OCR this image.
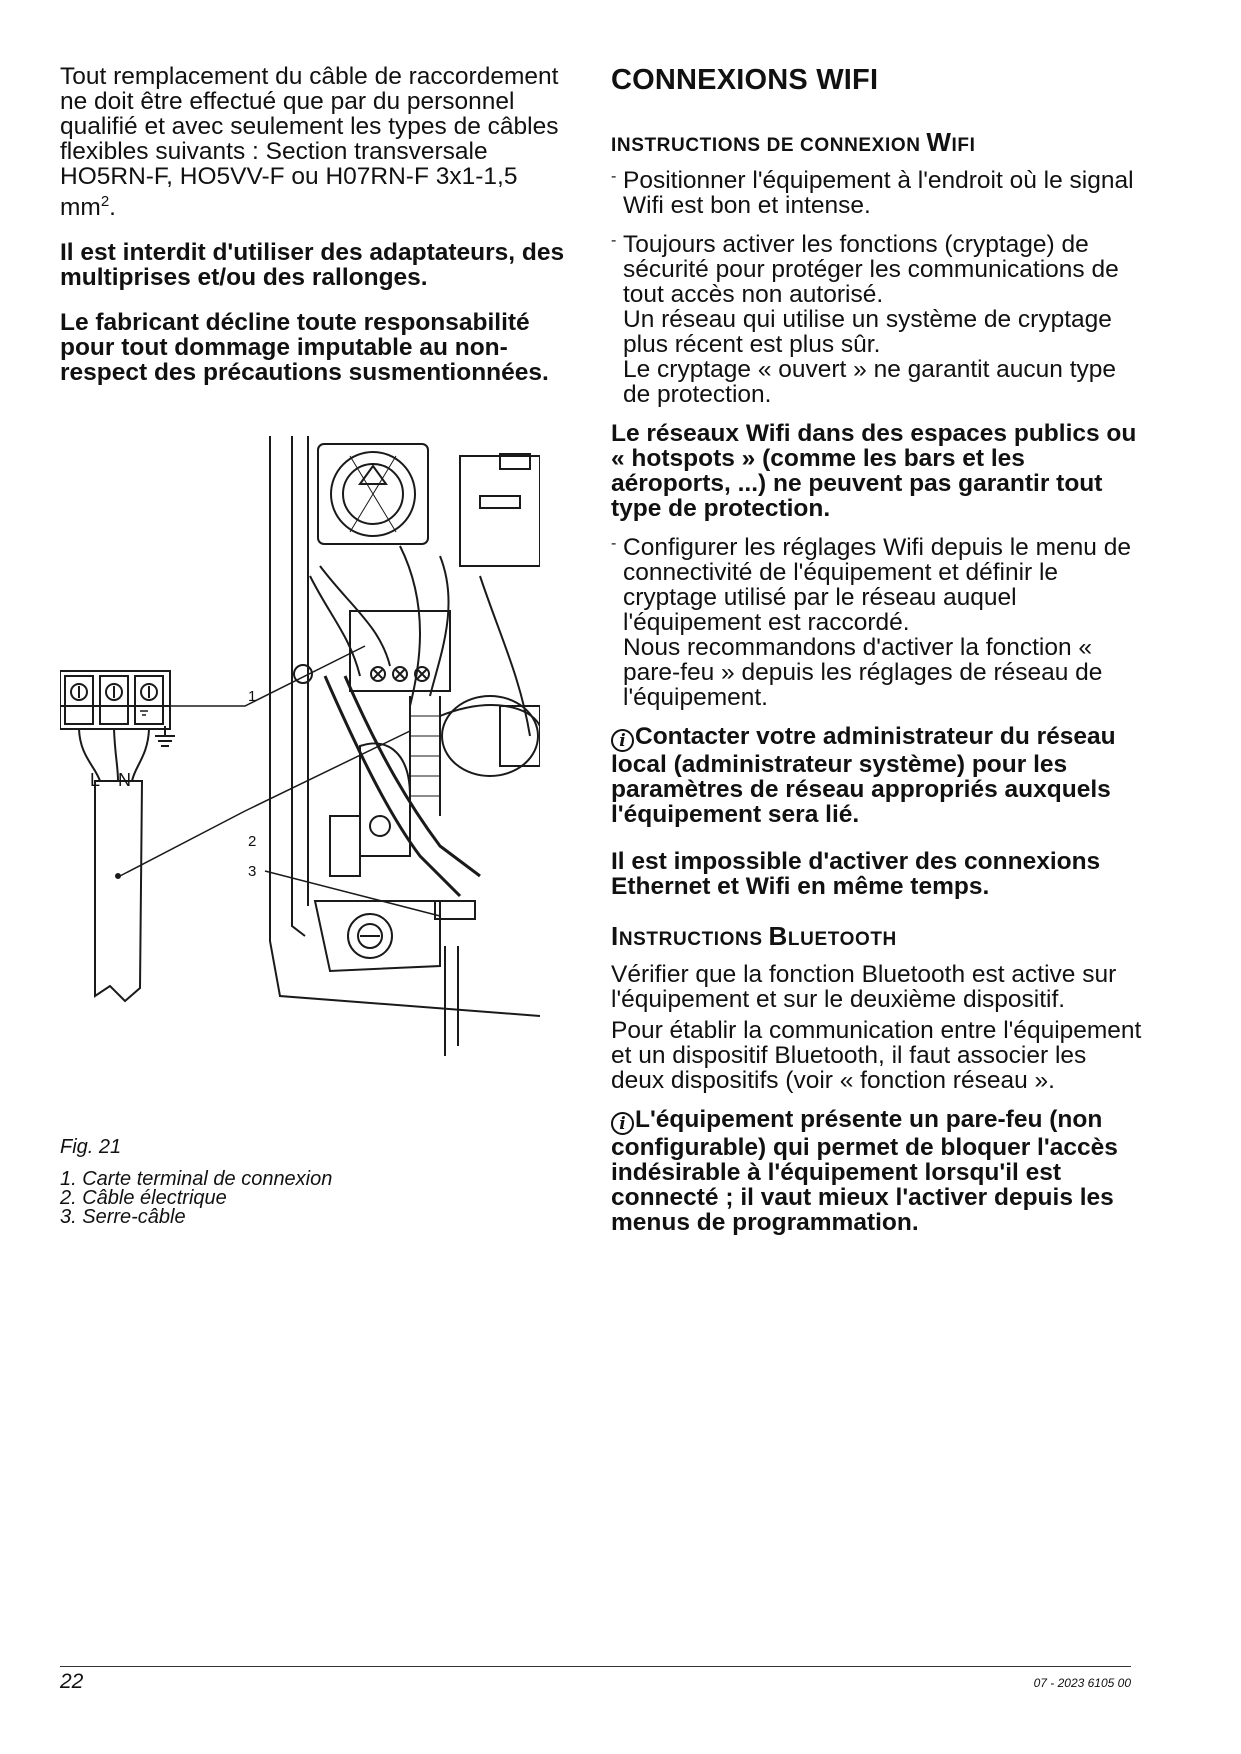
Tout remplacement du câble de raccordement ne doit être effectué que par du personnel qualifié et avec seulement les types de câbles flexibles suivants : Section transversale HO5RN-F, HO5VV-F ou H07RN-F 3x1-1,5 $mm^2$.

Il est interdit d'utiliser des adaptateurs, des multiprises et/ou des rallonges.

Le fabricant décline toute responsabilité pour tout dommage imputable au non-respect des précautions susmentionnées.

1
2
3
L N

Fig. 21

1. Carte terminal de connexion

2. Câble électrique

3. Serre-câble

CONNEXIONS WIFI
INSTRUCTIONS DE CONNEXION WIFI
- Positionner l'équipement à l'endroit où le signal Wifi est bon et intense.

- Toujours activer les fonctions (cryptage) de sécurité pour protéger les communications de tout accès non autorisé.

Un réseau qui utilise un système de cryptage plus récent est plus sûr.

Le cryptage « ouvert » ne garantit aucun type de protection.

Le réseaux Wifi dans des espaces publics ou « hotspots » (comme les bars et les aéroports, ...) ne peuvent pas garantir tout type de protection.

- Configurer les réglages Wifi depuis le menu de connectivité de l'équipement et définir le cryptage utilisé par le réseau auquel l'équipement est raccordé.

Nous recommandons d'activer la fonction « pare-feu » depuis les réglages de réseau de l'équipement.

i Contacter votre administrateur du réseau local (administrateur système) pour les paramètres de réseau appropriés auxquels l'équipement sera lié.

Il est impossible d'activer des connexions Ethernet et Wifi en même temps.

INSTRUCTIONS BLUETOOTH

Vérifier que la fonction Bluetooth est active sur l'équipement et sur le deuxième dispositif.

Pour établir la communication entre l'équipement et un dispositif Bluetooth, il faut associer les deux dispositifs (voir « fonction réseau ».

i L'équipement présente un pare-feu (non configurable) qui permet de bloquer l'accès indésirable à l'équipement lorsqu'il est connecté ; il vaut mieux l'activer depuis les menus de programmation.

22	07 - 2023 6105 00
